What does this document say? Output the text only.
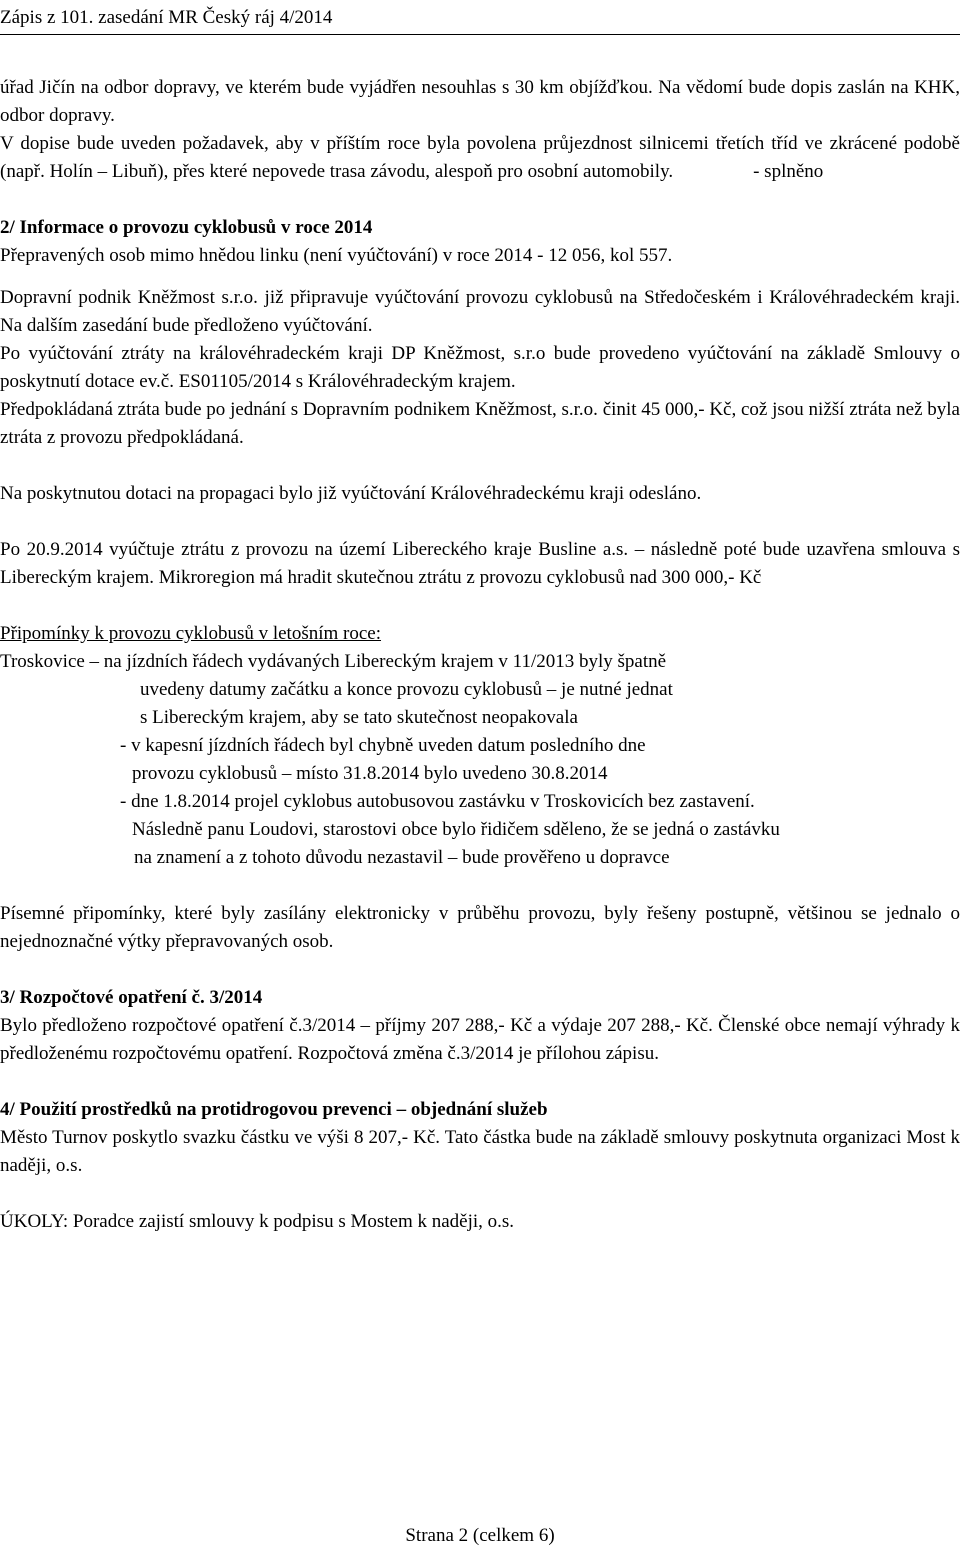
Zápis z 101. zasedání MR Český ráj 4/2014

úřad Jičín na odbor dopravy, ve kterém bude vyjádřen nesouhlas s 30 km objížďkou. Na vědomí bude dopis zaslán na KHK, odbor dopravy.

V dopise bude uveden požadavek, aby v příštím roce byla povolena průjezdnost silnicemi třetích tříd ve zkrácené podobě (např. Holín – Libuň), přes které nepovede trasa závodu, alespoň pro osobní automobily.	- splněno

2/ Informace o provozu cyklobusů v roce 2014

Přepravených osob mimo hnědou linku (není vyúčtování) v roce 2014 - 12 056, kol 557.

Dopravní podnik Kněžmost s.r.o. již připravuje vyúčtování provozu cyklobusů na Středočeském i Královéhradeckém kraji. Na dalším zasedání bude předloženo vyúčtování.

Po vyúčtování ztráty na královéhradeckém kraji DP Kněžmost, s.r.o bude provedeno vyúčtování na základě Smlouvy o poskytnutí dotace ev.č. ES01105/2014 s Královéhradeckým krajem.

Předpokládaná ztráta bude po jednání s Dopravním podnikem Kněžmost, s.r.o. činit 45 000,- Kč, což jsou nižší ztráta než byla ztráta z provozu předpokládaná.

Na poskytnutou dotaci na propagaci bylo již vyúčtování Královéhradeckému kraji odesláno.

Po 20.9.2014 vyúčtuje ztrátu z provozu na území Libereckého kraje Busline a.s. – následně poté bude uzavřena smlouva s Libereckým krajem. Mikroregion má hradit skutečnou ztrátu z provozu cyklobusů nad 300 000,- Kč

Připomínky k provozu cyklobusů v letošním roce:

Troskovice – na jízdních řádech vydávaných Libereckým krajem v 11/2013 byly špatně

uvedeny datumy začátku a konce provozu cyklobusů – je nutné jednat

s Libereckým krajem, aby se tato skutečnost neopakovala

- v kapesní jízdních řádech byl chybně uveden datum posledního dne

provozu cyklobusů – místo 31.8.2014 bylo uvedeno 30.8.2014

- dne 1.8.2014 projel cyklobus autobusovou zastávku v Troskovicích bez zastavení.

Následně panu Loudovi, starostovi obce bylo řidičem sděleno, že se jedná o zastávku

na znamení a z tohoto důvodu nezastavil – bude prověřeno u dopravce

Písemné připomínky, které byly zasílány elektronicky v průběhu provozu, byly řešeny postupně, většinou se jednalo o nejednoznačné výtky přepravovaných osob.

3/ Rozpočtové opatření č. 3/2014

Bylo předloženo rozpočtové opatření č.3/2014 – příjmy 207 288,- Kč a výdaje 207 288,- Kč. Členské obce nemají výhrady k předloženému rozpočtovému opatření. Rozpočtová změna č.3/2014 je přílohou zápisu.

4/ Použití prostředků na protidrogovou prevenci – objednání služeb

Město Turnov poskytlo svazku částku ve výši 8 207,- Kč. Tato částka bude na základě smlouvy poskytnuta organizaci Most k naději, o.s.

ÚKOLY: Poradce zajistí smlouvy k podpisu s Mostem k naději, o.s.

Strana 2 (celkem 6)
